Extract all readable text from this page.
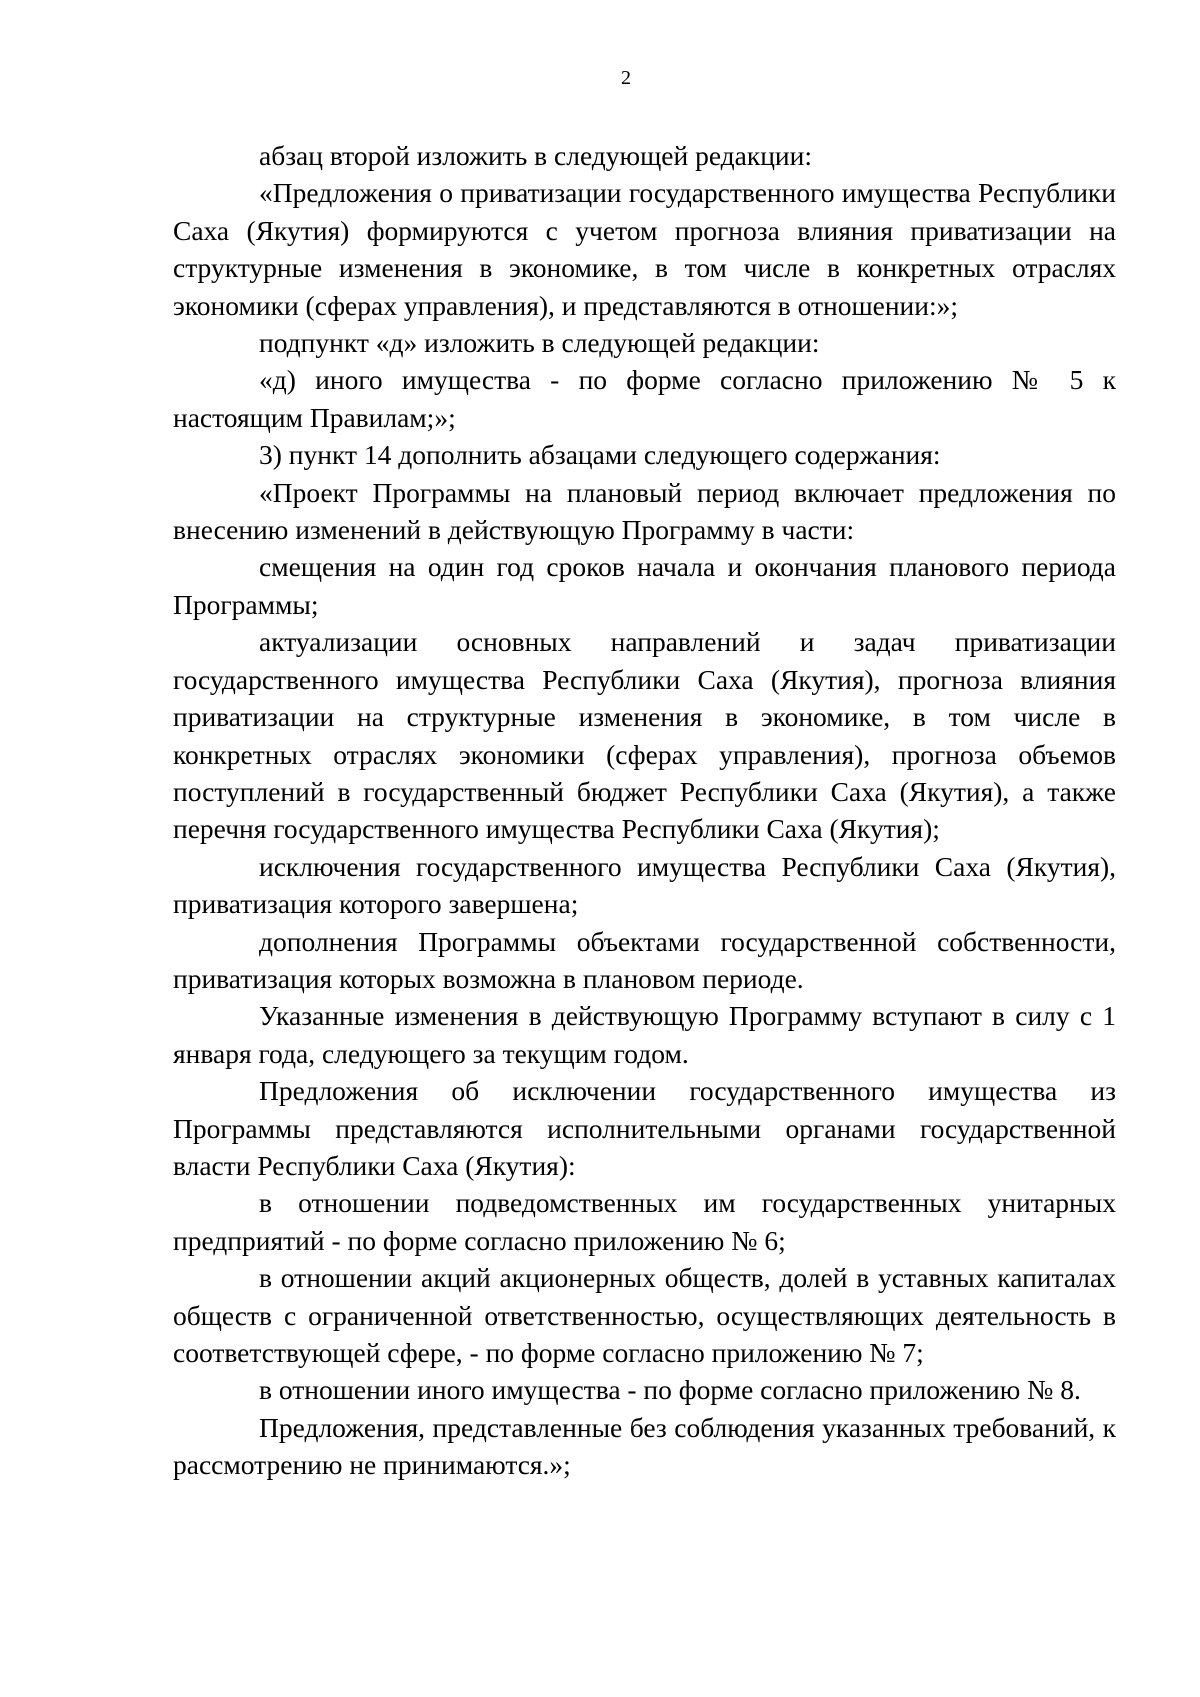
2

абзац второй изложить в следующей редакции:

«Предложения о приватизации государственного имущества Республики Саха (Якутия) формируются с учетом прогноза влияния приватизации на структурные изменения в экономике, в том числе в конкретных отраслях экономики (сферах управления), и представляются в отношении:»;

подпункт «д» изложить в следующей редакции:

«д) иного имущества - по форме согласно приложению № 5 к настоящим Правилам;»;

3) пункт 14 дополнить абзацами следующего содержания:

«Проект Программы на плановый период включает предложения по внесению изменений в действующую Программу в части:

смещения на один год сроков начала и окончания планового периода Программы;

актуализации основных направлений и задач приватизации государственного имущества Республики Саха (Якутия), прогноза влияния приватизации на структурные изменения в экономике, в том числе в конкретных отраслях экономики (сферах управления), прогноза объемов поступлений в государственный бюджет Республики Саха (Якутия), а также перечня государственного имущества Республики Саха (Якутия);

исключения государственного имущества Республики Саха (Якутия), приватизация которого завершена;

дополнения Программы объектами государственной собственности, приватизация которых возможна в плановом периоде.

Указанные изменения в действующую Программу вступают в силу с 1 января года, следующего за текущим годом.

Предложения об исключении государственного имущества из Программы представляются исполнительными органами государственной власти Республики Саха (Якутия):

в отношении подведомственных им государственных унитарных предприятий - по форме согласно приложению № 6;

в отношении акций акционерных обществ, долей в уставных капиталах обществ с ограниченной ответственностью, осуществляющих деятельность в соответствующей сфере, - по форме согласно приложению № 7;

в отношении иного имущества - по форме согласно приложению № 8.

Предложения, представленные без соблюдения указанных требований, к рассмотрению не принимаются.»;
